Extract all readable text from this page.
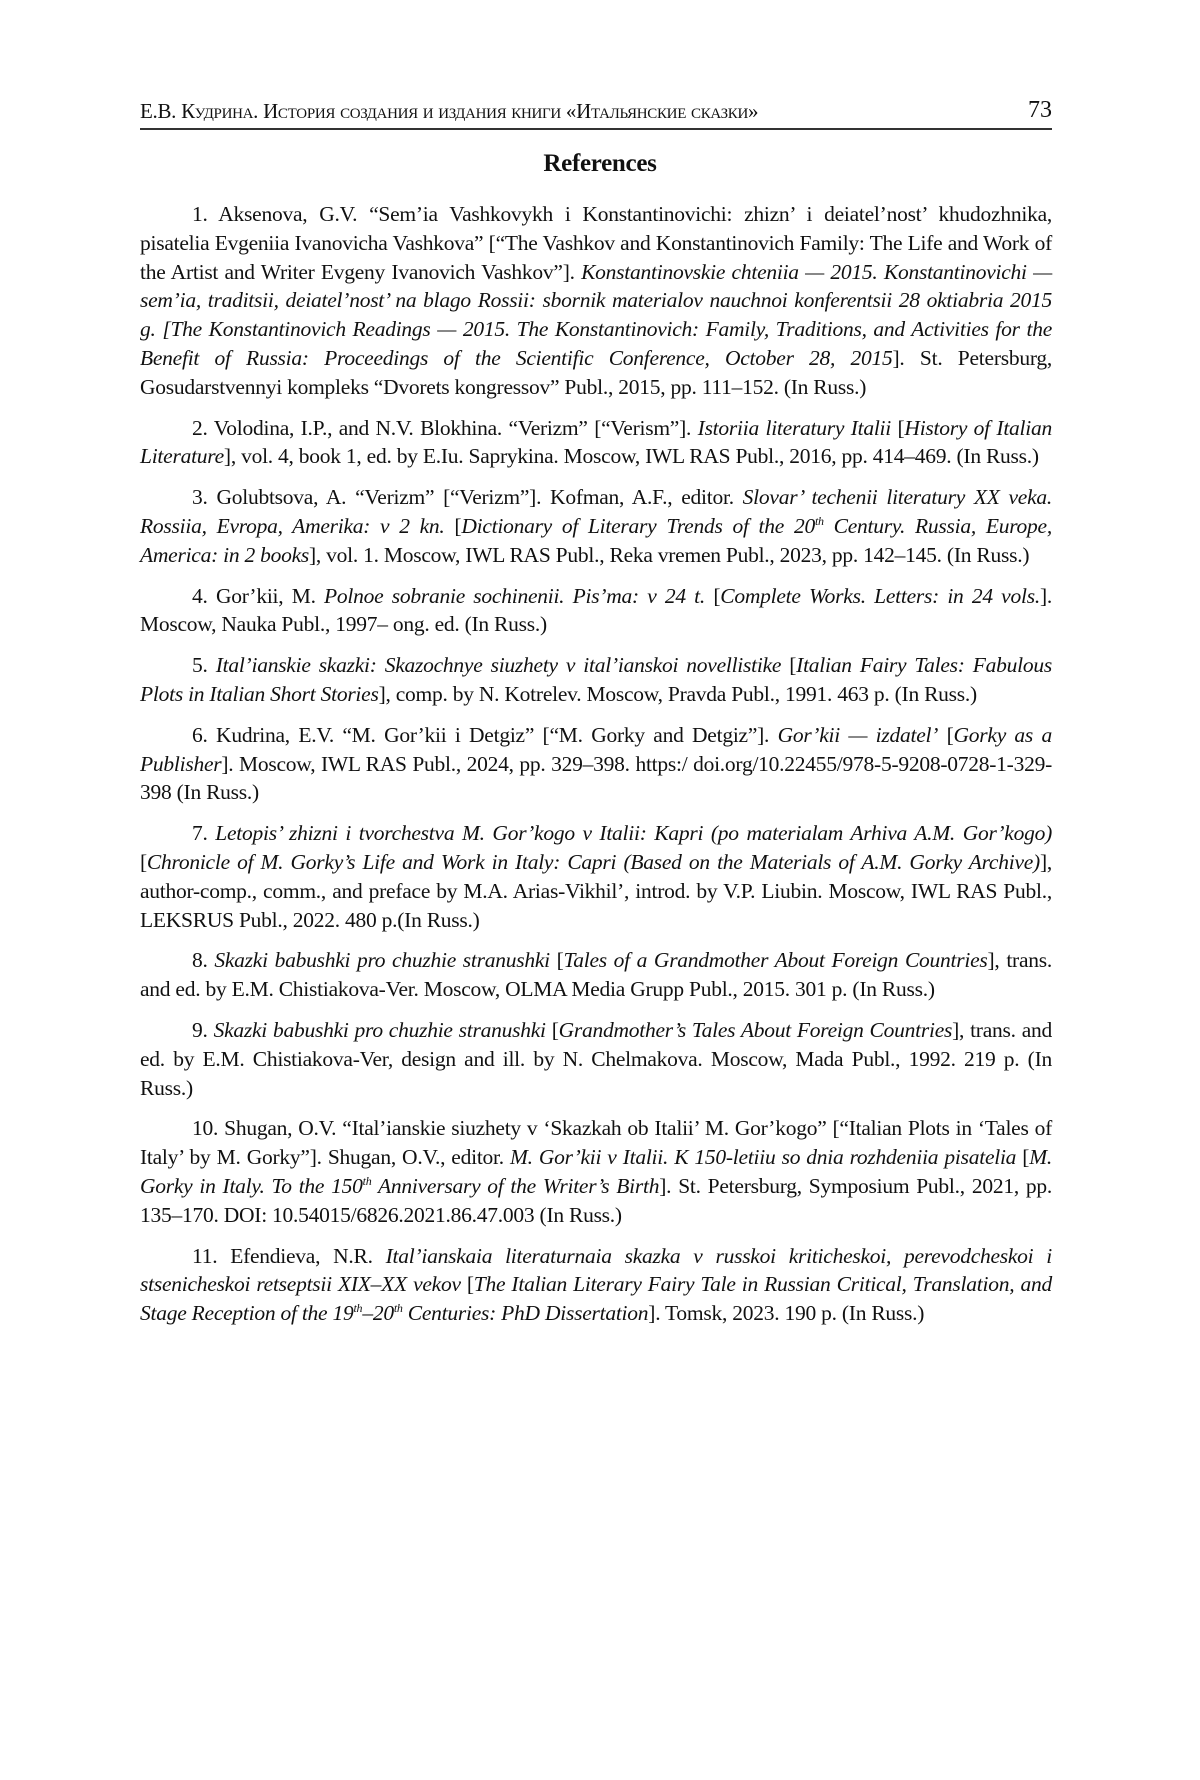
Е.В. Кудрина. История создания и издания книги «Итальянские сказки»	73
References

1. Aksenova, G.V. “Sem’ia Vashkovykh i Konstantinovichi: zhizn’ i deiatel’nost’ khudozhnika, pisatelia Evgeniia Ivanovicha Vashkova” [“The Vashkov and Konstantinovich Family: The Life and Work of the Artist and Writer Evgeny Ivanovich Vashkov”]. Konstantinovskie chteniia — 2015. Konstantinovichi — sem’ia, traditsii, deiatel’nost’ na blago Rossii: sbornik materialov nauchnoi konferentsii 28 oktiabria 2015 g. [The Konstantinovich Readings — 2015. The Konstantinovich: Family, Traditions, and Activities for the Benefit of Russia: Proceedings of the Scientific Conference, October 28, 2015]. St. Petersburg, Gosudarstvennyi kompleks “Dvorets kongressov” Publ., 2015, pp. 111–152. (In Russ.)

2. Volodina, I.P., and N.V. Blokhina. “Verizm” [“Verism”]. Istoriia literatury Italii [History of Italian Literature], vol. 4, book 1, ed. by E.Iu. Saprykina. Moscow, IWL RAS Publ., 2016, pp. 414–469. (In Russ.)

3. Golubtsova, A. “Verizm” [“Verizm”]. Kofman, A.F., editor. Slovar’ techenii literatury XX veka. Rossiia, Evropa, Amerika: v 2 kn. [Dictionary of Literary Trends of the 20th Century. Russia, Europe, America: in 2 books], vol. 1. Moscow, IWL RAS Publ., Reka vremen Publ., 2023, pp. 142–145. (In Russ.)

4. Gor’kii, M. Polnoe sobranie sochinenii. Pis’ma: v 24 t. [Complete Works. Letters: in 24 vols.]. Moscow, Nauka Publ., 1997– ong. ed. (In Russ.)

5. Ital’ianskie skazki: Skazochnye siuzhety v ital’ianskoi novellistike [Italian Fairy Tales: Fabulous Plots in Italian Short Stories], comp. by N. Kotrelev. Moscow, Pravda Publ., 1991. 463 p. (In Russ.)

6. Kudrina, E.V. “M. Gor’kii i Detgiz” [“M. Gorky and Detgiz”]. Gor’kii — izdatel’ [Gorky as a Publisher]. Moscow, IWL RAS Publ., 2024, pp. 329–398. https:/ doi.org/10.22455/978-5-9208-0728-1-329-398 (In Russ.)

7. Letopis’ zhizni i tvorchestva M. Gor’kogo v Italii: Kapri (po materialam Arhiva A.M. Gor’kogo) [Chronicle of M. Gorky’s Life and Work in Italy: Capri (Based on the Materials of A.M. Gorky Archive)], author-comp., comm., and preface by M.A. Arias-Vikhil’, introd. by V.P. Liubin. Moscow, IWL RAS Publ., LEKSRUS Publ., 2022. 480 p.(In Russ.)

8. Skazki babushki pro chuzhie stranushki [Tales of a Grandmother About Foreign Countries], trans. and ed. by E.M. Chistiakova-Ver. Moscow, OLMA Media Grupp Publ., 2015. 301 p. (In Russ.)

9. Skazki babushki pro chuzhie stranushki [Grandmother’s Tales About Foreign Countries], trans. and ed. by E.M. Chistiakova-Ver, design and ill. by N. Chelmakova. Moscow, Mada Publ., 1992. 219 p. (In Russ.)

10. Shugan, O.V. “Ital’ianskie siuzhety v ‘Skazkah ob Italii’ M. Gor’kogo” [“Italian Plots in ‘Tales of Italy’ by M. Gorky”]. Shugan, O.V., editor. M. Gor’kii v Italii. K 150-letiiu so dnia rozhdeniia pisatelia [M. Gorky in Italy. To the 150th Anniversary of the Writer’s Birth]. St. Petersburg, Symposium Publ., 2021, pp. 135–170. DOI: 10.54015/6826.2021.86.47.003 (In Russ.)

11. Efendieva, N.R. Ital’ianskaia literaturnaia skazka v russkoi kriticheskoi, perevodcheskoi i stsenicheskoi retseptsii XIX–XX vekov [The Italian Literary Fairy Tale in Russian Critical, Translation, and Stage Reception of the 19th–20th Centuries: PhD Dissertation]. Tomsk, 2023. 190 p. (In Russ.)
